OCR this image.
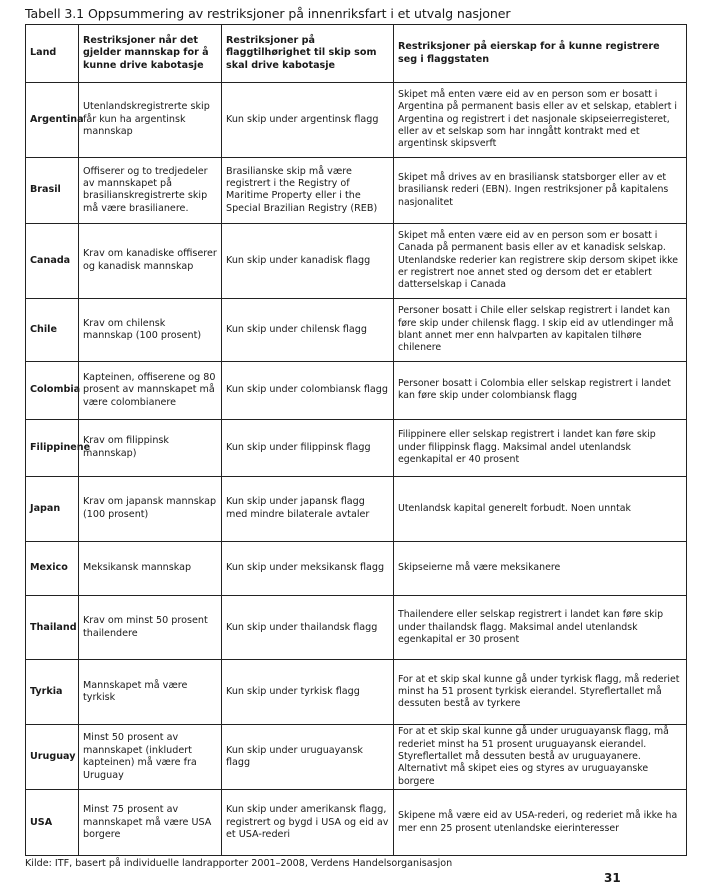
Tabell 3.1 Oppsummering av restriksjoner på innenriksfart i et utvalg nasjoner
Land	Restriksjoner når det gjelder mannskap for å kunne drive kabotasje	Restriksjoner på flaggtilhørighet til skip som skal drive kabotasje	Restriksjoner på eierskap for å kunne registrere seg i flaggstaten
Argentina	Utenlandskregistrerte skip får kun ha argentinsk mannskap	Kun skip under argentinsk flagg	Skipet må enten være eid av en person som er bosatt i Argentina på permanent basis eller av et selskap, etablert i Argentina og registrert i det nasjonale skipseierregisteret, eller av et selskap som har inngått kontrakt med et argentinsk skipsverft
Brasil	Offiserer og to tredjedeler av mannskapet på brasilianskregistrerte skip må være brasilianere.	Brasilianske skip må være registrert i the Registry of Maritime Property eller i the Special Brazilian Registry (REB)	Skipet må drives av en brasiliansk statsborger eller av et brasiliansk rederi (EBN). Ingen restriksjoner på kapitalens nasjonalitet
Canada	Krav om kanadiske offiserer og kanadisk mannskap	Kun skip under kanadisk flagg	Skipet må enten være eid av en person som er bosatt i Canada på permanent basis eller av et kanadisk selskap. Utenlandske rederier kan registrere skip dersom skipet ikke er registrert noe annet sted og dersom det er etablert datterselskap i Canada
Chile	Krav om chilensk mannskap (100 prosent)	Kun skip under chilensk flagg	Personer bosatt i Chile eller selskap registrert i landet kan føre skip under chilensk flagg. I skip eid av utlendinger må blant annet mer enn halvparten av kapitalen tilhøre chilenere
Colombia	Kapteinen, offiserene og 80 prosent av mannskapet må være colombianere	Kun skip under colombiansk flagg	Personer bosatt i Colombia eller selskap registrert i landet kan føre skip under colombiansk flagg
Filippinene	Krav om filippinsk mannskap)	Kun skip under filippinsk flagg	Filippinere eller selskap registrert i landet kan føre skip under filippinsk flagg. Maksimal andel utenlandsk egenkapital er 40 prosent
Japan	Krav om japansk mannskap (100 prosent)	Kun skip under japansk flagg med mindre bilaterale avtaler	Utenlandsk kapital generelt forbudt. Noen unntak
Mexico	Meksikansk mannskap	Kun skip under meksikansk flagg	Skipseierne må være meksikanere
Thailand	Krav om minst 50 prosent thailendere	Kun skip under thailandsk flagg	Thailendere eller selskap registrert i landet kan føre skip under thailandsk flagg. Maksimal andel utenlandsk egenkapital er 30 prosent
Tyrkia	Mannskapet må være tyrkisk	Kun skip under tyrkisk flagg	For at et skip skal kunne gå under tyrkisk flagg, må rederiet minst ha 51 prosent tyrkisk eierandel. Styreflertallet må dessuten bestå av tyrkere
Uruguay	Minst 50 prosent av mannskapet (inkludert kapteinen) må være fra Uruguay	Kun skip under uruguayansk flagg	For at et skip skal kunne gå under uruguayansk flagg, må rederiet minst ha 51 prosent uruguayansk eierandel. Styreflertallet må dessuten bestå av uruguayanere. Alternativt må skipet eies og styres av uruguayanske borgere
USA	Minst 75 prosent av mannskapet må være USA borgere	Kun skip under amerikansk flagg, registrert og bygd i USA og eid av et USA-rederi	Skipene må være eid av USA-rederi, og rederiet må ikke ha mer enn 25 prosent utenlandske eierinteresser
Kilde: ITF, basert på individuelle landrapporter 2001–2008, Verdens Handelsorganisasjon
31
